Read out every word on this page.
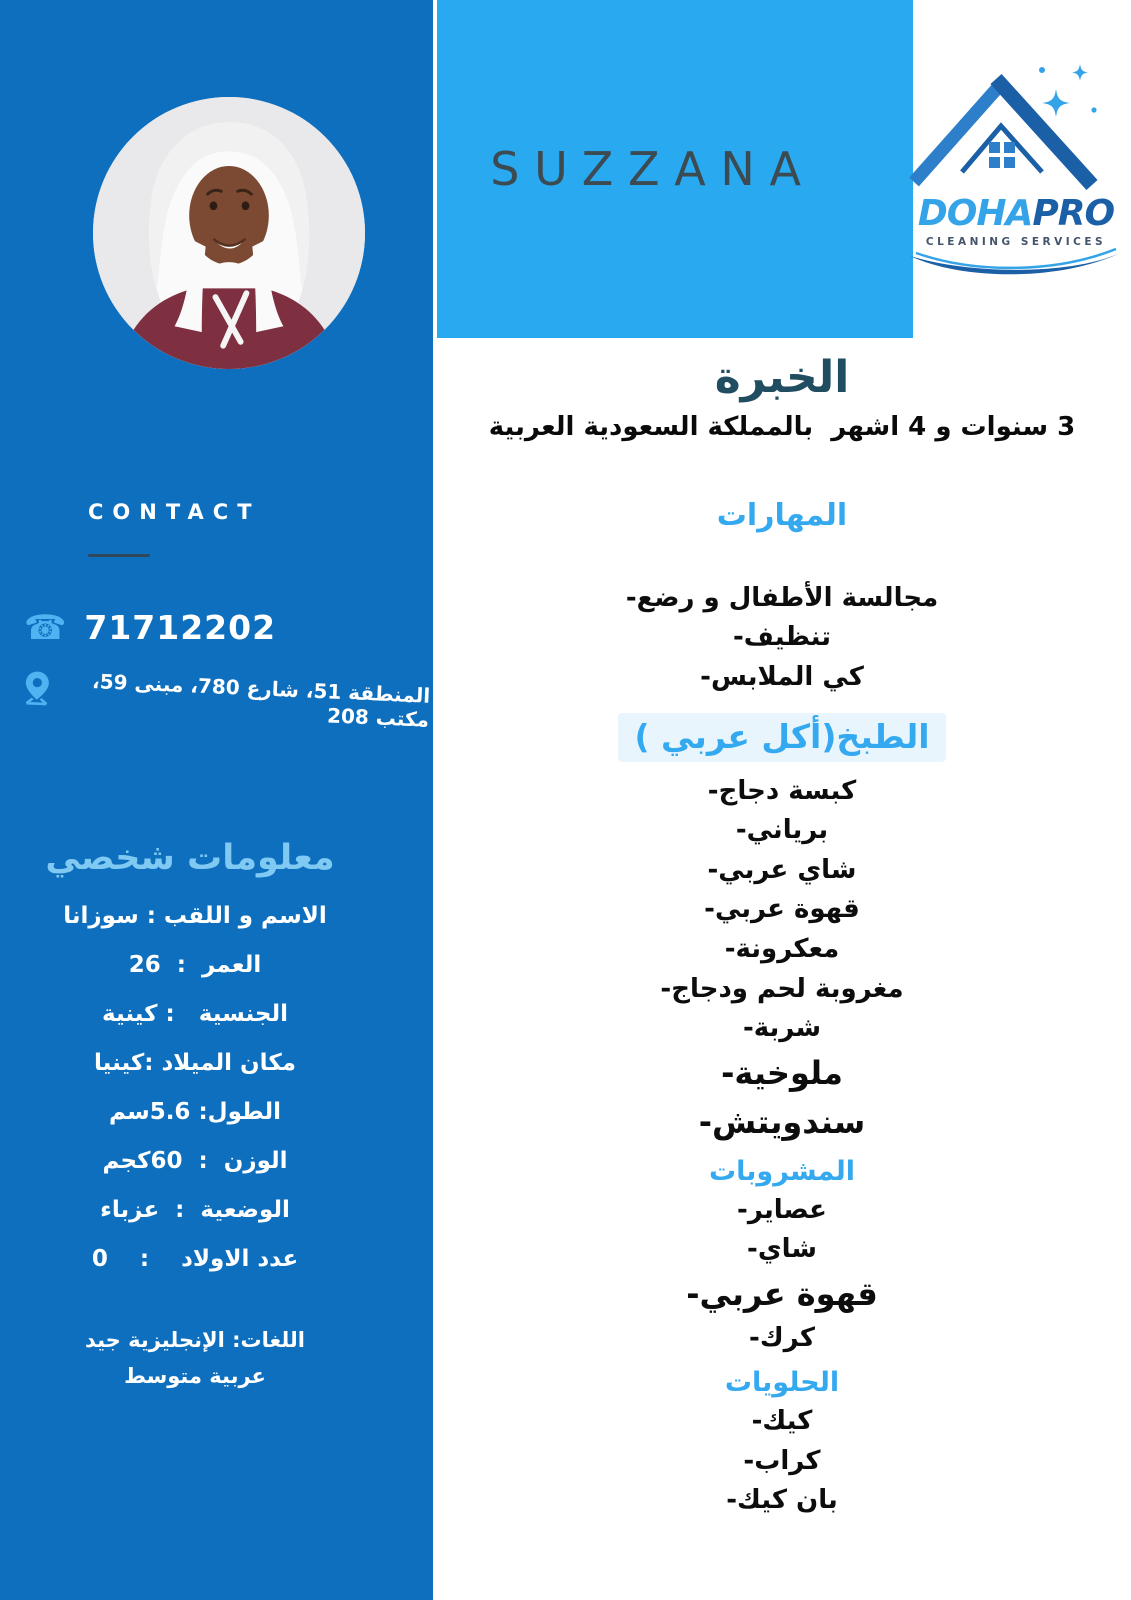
CONTACT
☎ 71712202
المنطقة 51، شارع 780، مبنى 59، مكتب 208
معلومات شخصي
الاسم و اللقب : سوزانا
العمر  :  26
الجنسية   : كينية
مكان الميلاد :كينيا
الطول: 5.6سم
الوزن  :  60كجم
الوضعية  :  عزباء
عدد الاولاد    :    0

اللغات: الإنجليزية جيد

عربية متوسط

SUZZANA
DOHAPRO
CLEANING SERVICES
الخبرة

3 سنوات و 4 اشهر  بالمملكة السعودية العربية

المهارات
-مجالسة الأطفال و رضع
-تنظيف
-كي الملابس
الطبخ(أكل عربي )
-كبسة دجاج
-برياني
-شاي عربي
-قهوة عربي
-معكرونة
-مغروبة لحم ودجاج
-شربة
-ملوخية
-سندويتش
المشروبات
-عصاير
-شاي
-قهوة عربي
-كرك
الحلويات
-كيك
-كراب
-بان كيك
